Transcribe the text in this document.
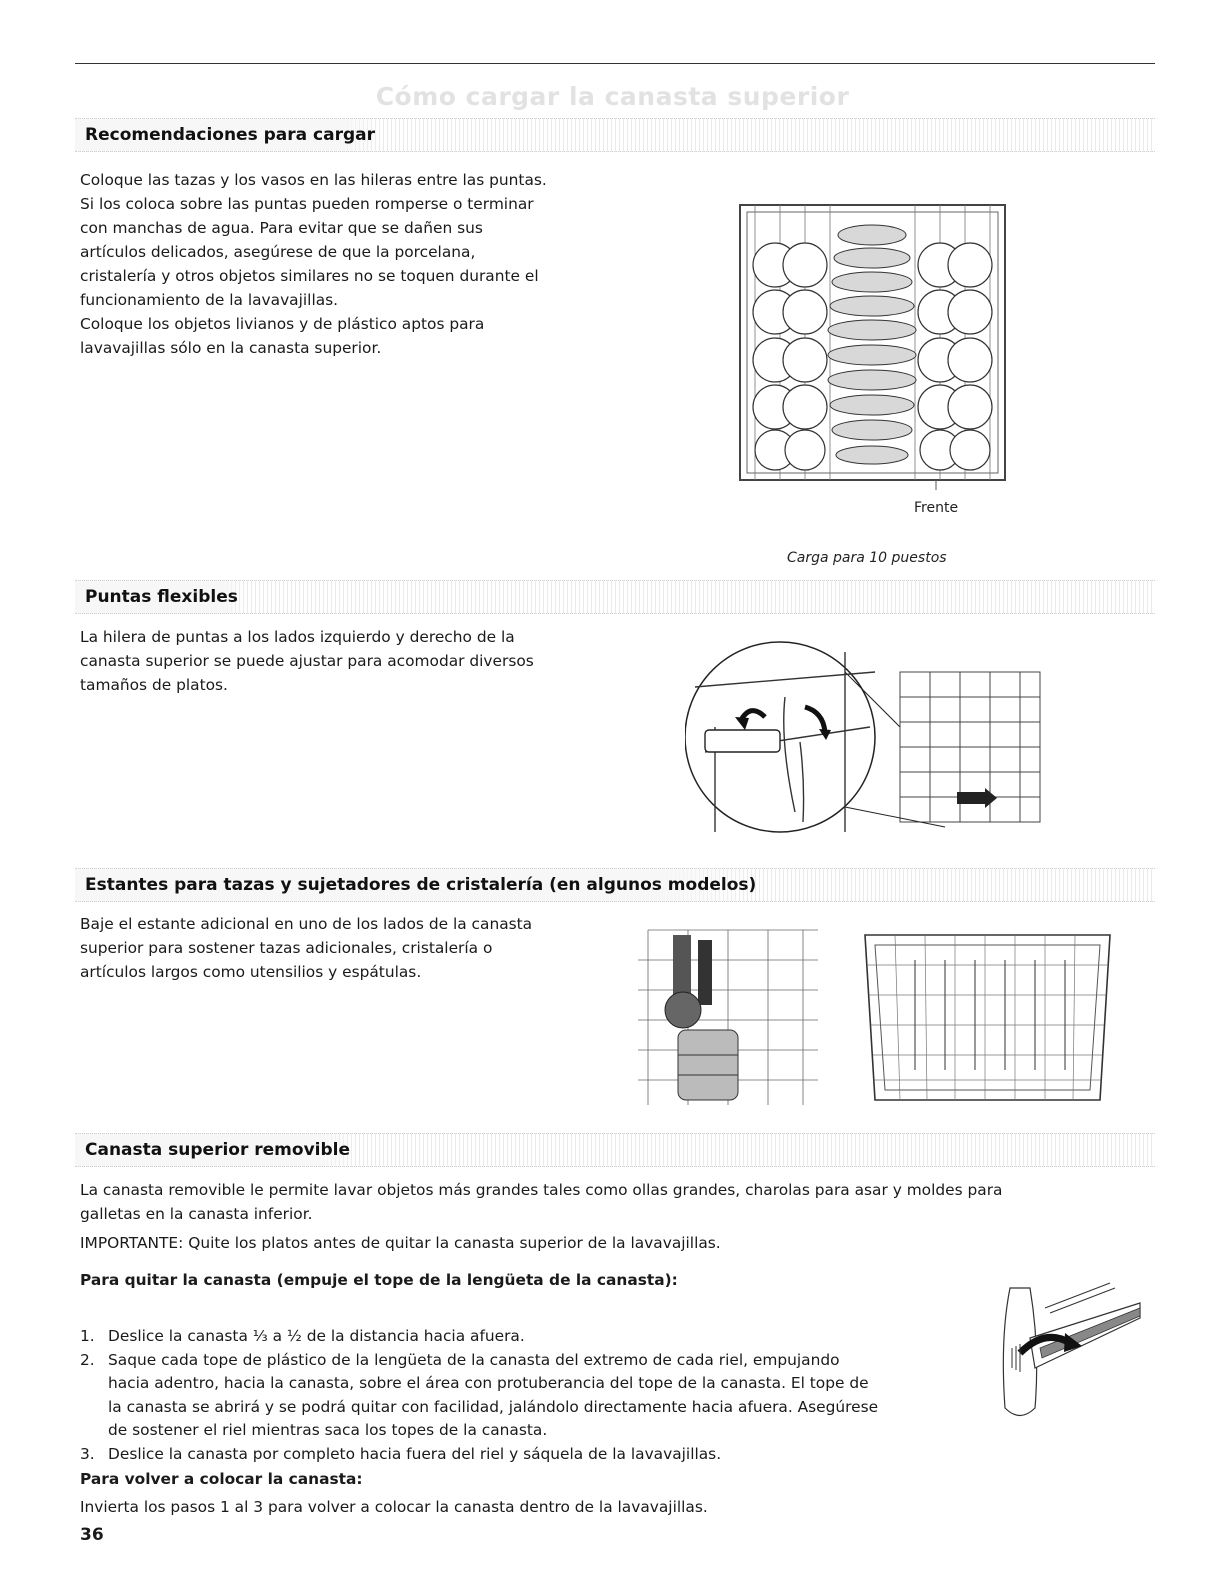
Cómo cargar la canasta superior
Recomendaciones para cargar

Coloque las tazas y los vasos en las hileras entre las puntas.

Si los coloca sobre las puntas pueden romperse o terminar

con manchas de agua. Para evitar que se dañen sus

artículos delicados, asegúrese de que la porcelana,

cristalería y otros objetos similares no se toquen durante el

funcionamiento de la lavavajillas.

Coloque los objetos livianos y de plástico aptos para

lavavajillas sólo en la canasta superior.

Frente
Carga para 10 puestos
Puntas flexibles

La hilera de puntas a los lados izquierdo y derecho de la

canasta superior se puede ajustar para acomodar diversos

tamaños de platos.

Estantes para tazas y sujetadores de cristalería (en algunos modelos)

Baje el estante adicional en uno de los lados de la canasta

superior para sostener tazas adicionales, cristalería o

artículos largos como utensilios y espátulas.

Canasta superior removible

La canasta removible le permite lavar objetos más grandes tales como ollas grandes, charolas para asar y moldes para

galletas en la canasta inferior.

IMPORTANTE: Quite los platos antes de quitar la canasta superior de la lavavajillas.
Para quitar la canasta (empuje el tope de la lengüeta de la canasta):
1. Deslice la canasta ⅓ a ½ de la distancia hacia afuera.
2. Saque cada tope de plástico de la lengüeta de la canasta del extremo de cada riel, empujando
hacia adentro, hacia la canasta, sobre el área con protuberancia del tope de la canasta. El tope de
la canasta se abrirá y se podrá quitar con facilidad, jalándolo directamente hacia afuera. Asegúrese
de sostener el riel mientras saca los topes de la canasta.
3. Deslice la canasta por completo hacia fuera del riel y sáquela de la lavavajillas.
Para volver a colocar la canasta:
Invierta los pasos 1 al 3 para volver a colocar la canasta dentro de la lavavajillas.
36
